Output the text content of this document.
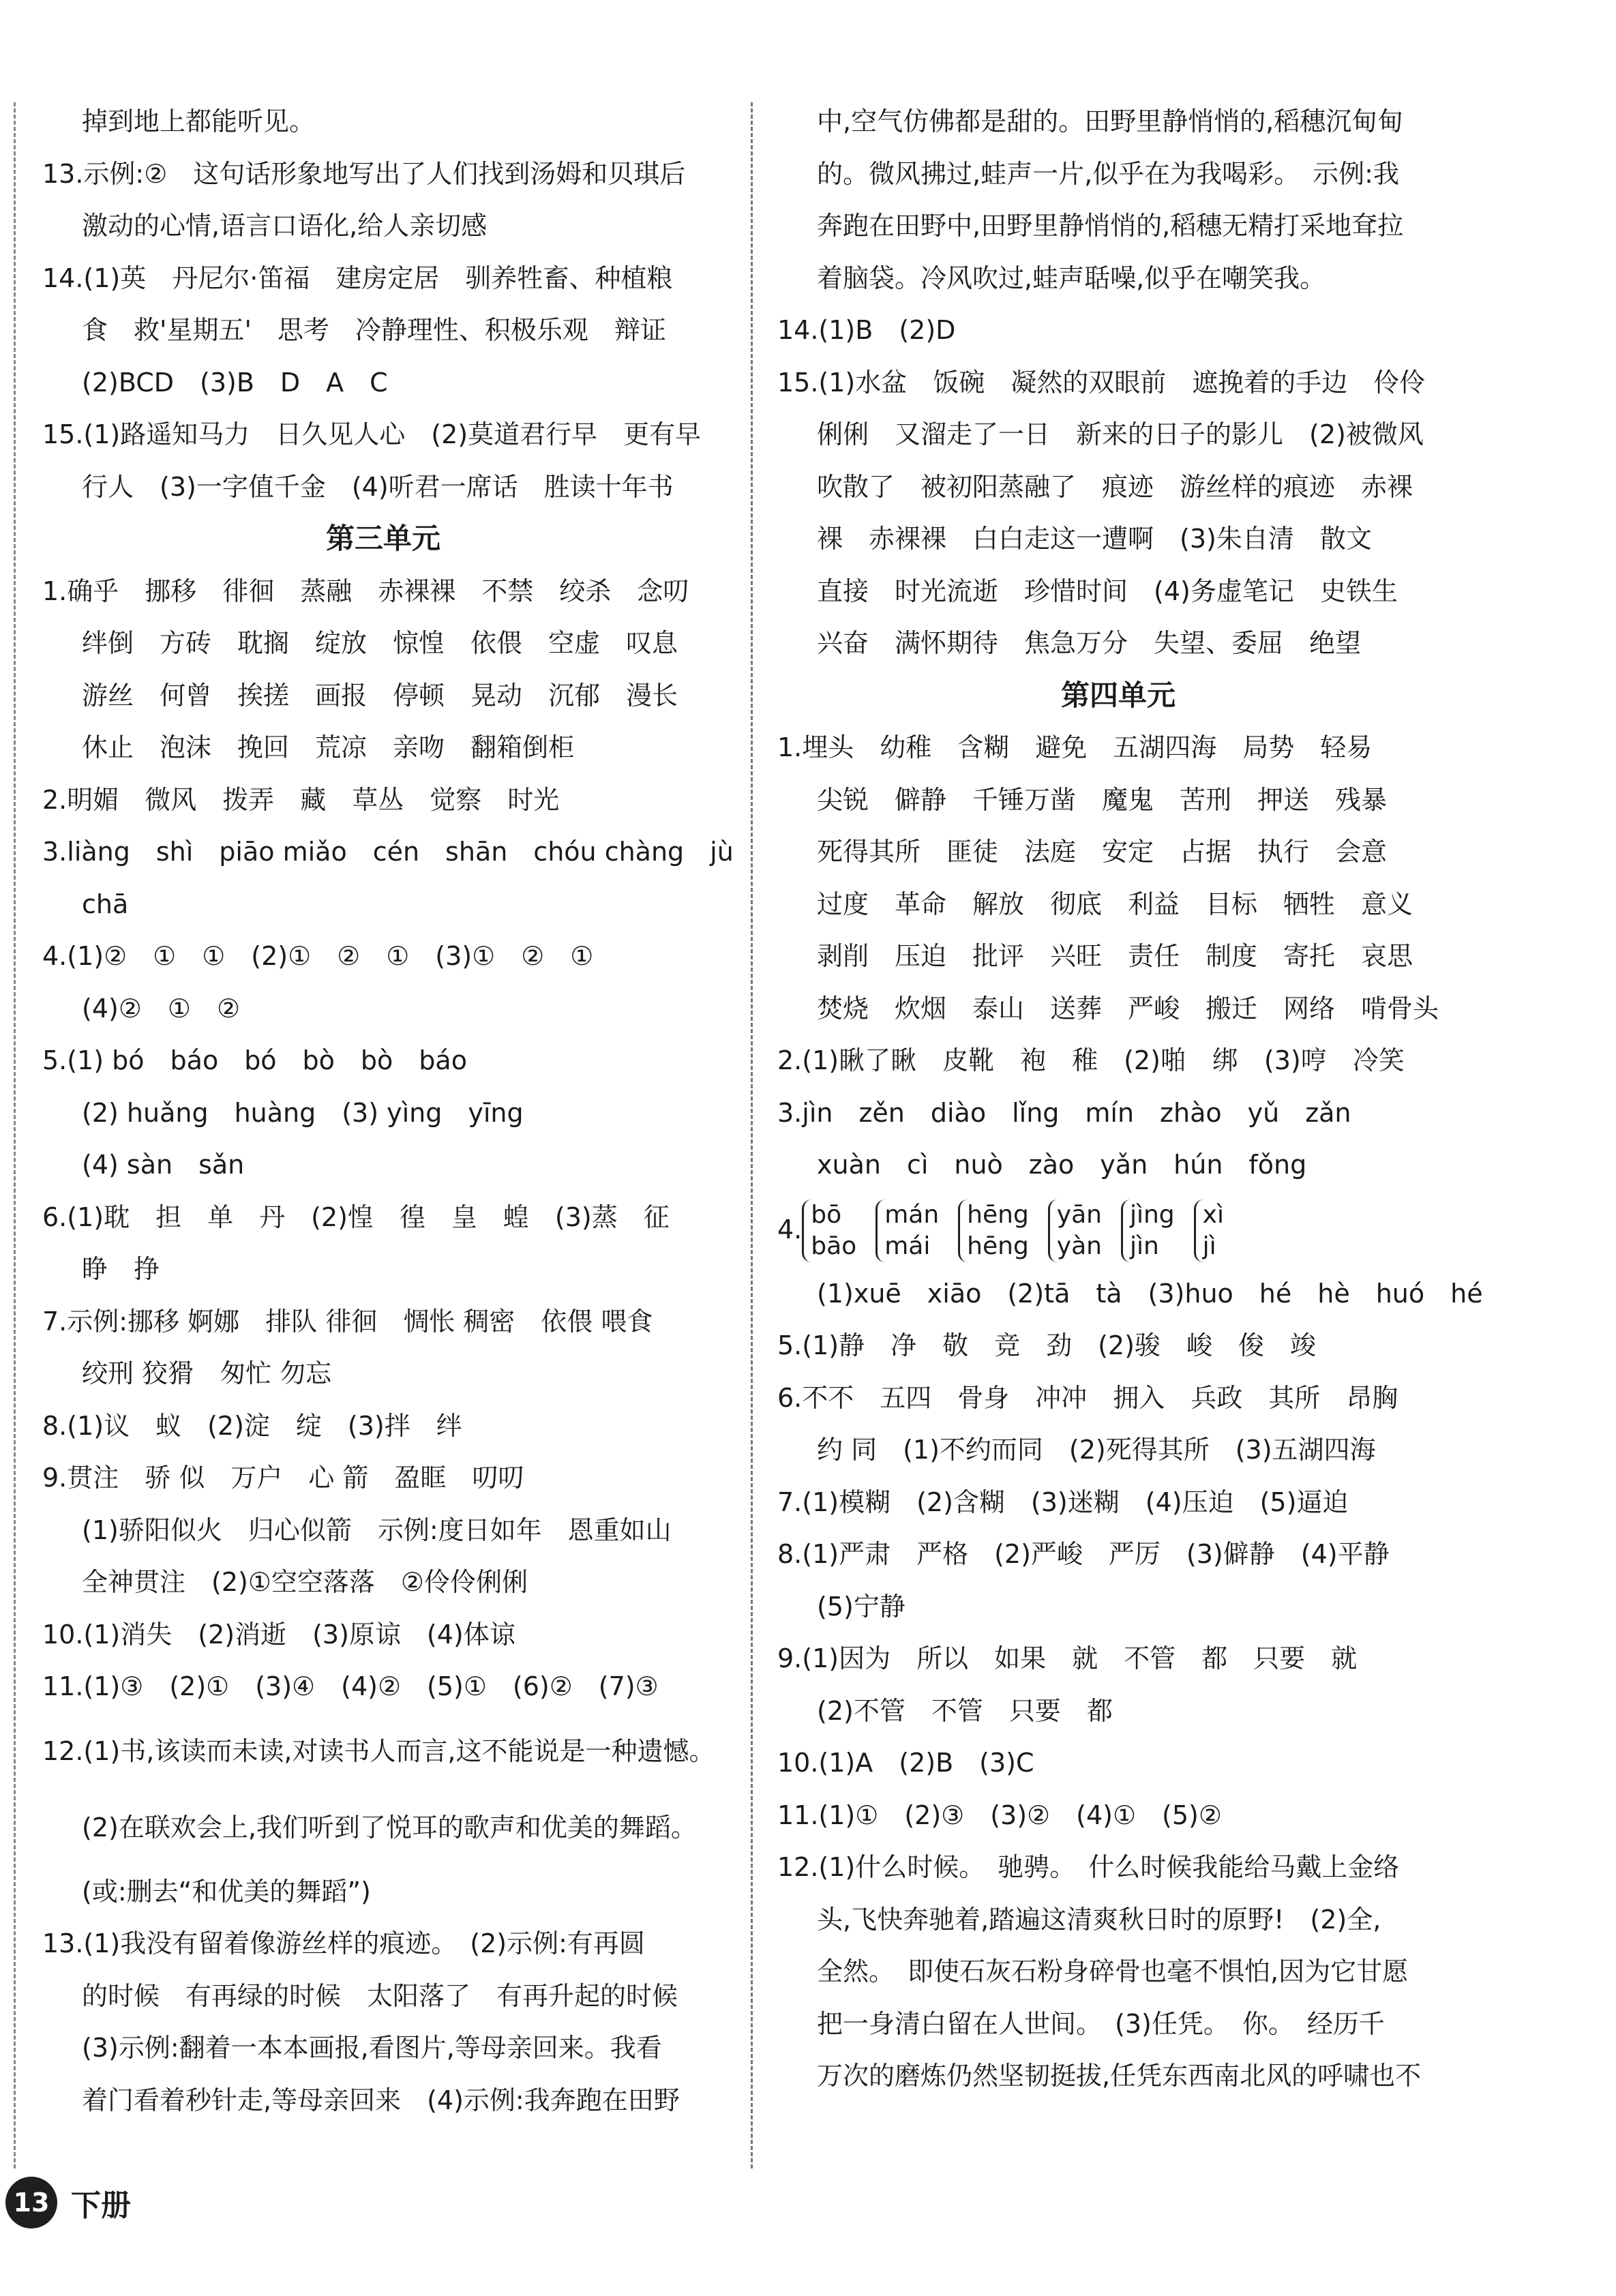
掉到地上都能听见。
13.示例:②　这句话形象地写出了人们找到汤姆和贝琪后
激动的心情,语言口语化,给人亲切感
14.(1)英　丹尼尔·笛福　建房定居　驯养牲畜、种植粮
食　救'星期五'　思考　冷静理性、积极乐观　辩证
(2)BCD　(3)B　D　A　C
15.(1)路遥知马力　日久见人心　(2)莫道君行早　更有早
行人　(3)一字值千金　(4)听君一席话　胜读十年书
第三单元
1.确乎　挪移　徘徊　蒸融　赤裸裸　不禁　绞杀　念叨
绊倒　方砖　耽搁　绽放　惊惶　依偎　空虚　叹息
游丝　何曾　挨搓　画报　停顿　晃动　沉郁　漫长
休止　泡沫　挽回　荒凉　亲吻　翻箱倒柜
2.明媚　微风　拨弄　藏　草丛　觉察　时光
3.liàng　shì　piāo miǎo　cén　shān　chóu chàng　jù
chā
4.(1)②　①　①　(2)①　②　①　(3)①　②　①
(4)②　①　②
5.(1) bó　báo　bó　bò　bò　báo
(2) huǎng　huàng　(3) yìng　yīng
(4) sàn　sǎn
6.(1)耽　担　单　丹　(2)惶　徨　皇　蝗　(3)蒸　征
睁　挣
7.示例:挪移 婀娜　排队 徘徊　惆怅 稠密　依偎 喂食
绞刑 狡猾　匆忙 勿忘
8.(1)议　蚁　(2)淀　绽　(3)拌　绊
9.贯注　骄 似　万户　心 箭　盈眶　叨叨
(1)骄阳似火　归心似箭　示例:度日如年　恩重如山
全神贯注　(2)①空空落落　②伶伶俐俐
10.(1)消失　(2)消逝　(3)原谅　(4)体谅
11.(1)③　(2)①　(3)④　(4)②　(5)①　(6)②　(7)③
12.(1)书,该读而未读,对读书人而言,这不能说是一种遗憾。
(2)在联欢会上,我们听到了悦耳的歌声和优美的舞蹈。
(或:删去“和优美的舞蹈”)
13.(1)我没有留着像游丝样的痕迹。　(2)示例:有再圆
的时候　有再绿的时候　太阳落了　有再升起的时候
(3)示例:翻着一本本画报,看图片,等母亲回来。我看
着门看着秒针走,等母亲回来　(4)示例:我奔跑在田野
中,空气仿佛都是甜的。田野里静悄悄的,稻穗沉甸甸
的。微风拂过,蛙声一片,似乎在为我喝彩。　示例:我
奔跑在田野中,田野里静悄悄的,稻穗无精打采地耷拉
着脑袋。冷风吹过,蛙声聒噪,似乎在嘲笑我。
14.(1)B　(2)D
15.(1)水盆　饭碗　凝然的双眼前　遮挽着的手边　伶伶
俐俐　又溜走了一日　新来的日子的影儿　(2)被微风
吹散了　被初阳蒸融了　痕迹　游丝样的痕迹　赤裸
裸　赤裸裸　白白走这一遭啊　(3)朱自清　散文
直接　时光流逝　珍惜时间　(4)务虚笔记　史铁生
兴奋　满怀期待　焦急万分　失望、委屈　绝望
第四单元
1.埋头　幼稚　含糊　避免　五湖四海　局势　轻易
尖锐　僻静　千锤万凿　魔鬼　苦刑　押送　残暴
死得其所　匪徒　法庭　安定　占据　执行　会意
过度　革命　解放　彻底　利益　目标　牺牲　意义
剥削　压迫　批评　兴旺　责任　制度　寄托　哀思
焚烧　炊烟　泰山　送葬　严峻　搬迁　网络　啃骨头
2.(1)瞅了瞅　皮靴　袍　稚　(2)啪　绑　(3)哼　冷笑
3.jìn　zěn　diào　lǐng　mín　zhào　yǔ　zǎn
xuàn　cì　nuò　zào　yǎn　hún　fǒng
4. bō
bāo
mán
mái
hēng
hēng
yān
yàn
jìng
jìn
xì
jì
(1)xuē　xiāo　(2)tā　tà　(3)huo　hé　hè　huó　hé
5.(1)静　净　敬　竞　劲　(2)骏　峻　俊　竣
6.不不　五四　骨身　冲冲　拥入　兵政　其所　昂胸
约 同　(1)不约而同　(2)死得其所　(3)五湖四海
7.(1)模糊　(2)含糊　(3)迷糊　(4)压迫　(5)逼迫
8.(1)严肃　严格　(2)严峻　严厉　(3)僻静　(4)平静
(5)宁静
9.(1)因为　所以　如果　就　不管　都　只要　就
(2)不管　不管　只要　都
10.(1)A　(2)B　(3)C
11.(1)①　(2)③　(3)②　(4)①　(5)②
12.(1)什么时候。　驰骋。　什么时候我能给马戴上金络
头,飞快奔驰着,踏遍这清爽秋日时的原野!　(2)全,
全然。　即使石灰石粉身碎骨也毫不惧怕,因为它甘愿
把一身清白留在人世间。　(3)任凭。　你。　经历千
万次的磨炼仍然坚韧挺拔,任凭东西南北风的呼啸也不
13 下册
